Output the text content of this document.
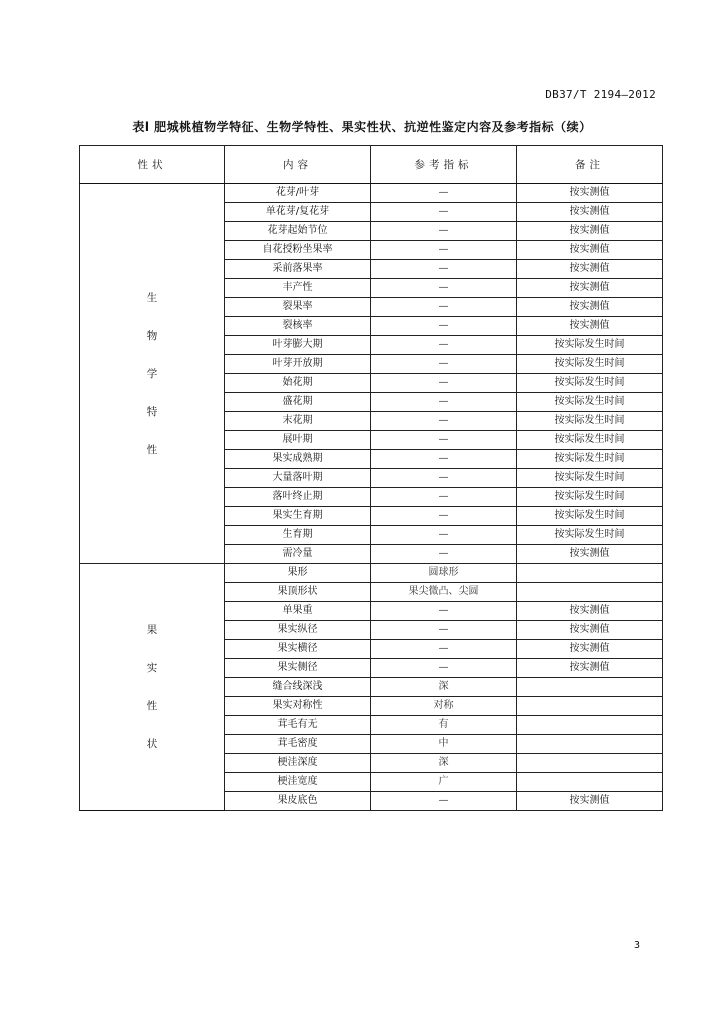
DB37/T 2194—2012
表l 肥城桃植物学特征、生物学特性、果实性状、抗逆性鉴定内容及参考指标（续）
性状	内容	参考指标	备注

生
物
学
特
性	花芽/叶芽	—	按实测值
	单花芽/复花芽	—	按实测值
	花芽起始节位	—	按实测值
	自花授粉坐果率	—	按实测值
	采前落果率	—	按实测值
	丰产性	—	按实测值
	裂果率	—	按实测值
	裂核率	—	按实测值
	叶芽膨大期	—	按实际发生时间
	叶芽开放期	—	按实际发生时间
	始花期	—	按实际发生时间
	盛花期	—	按实际发生时间
	末花期	—	按实际发生时间
	展叶期	—	按实际发生时间
	果实成熟期	—	按实际发生时间
	大量落叶期	—	按实际发生时间
	落叶终止期	—	按实际发生时间
	果实生育期	—	按实际发生时间
	生育期	—	按实际发生时间
	需冷量	—	按实测值

果
实
性
状	果形	圆球形	
	果顶形状	果尖微凸、尖圆	
	单果重	—	按实测值
	果实纵径	—	按实测值
	果实横径	—	按实测值
	果实侧径	—	按实测值
	缝合线深浅	深	
	果实对称性	对称	
	茸毛有无	有	
	茸毛密度	中	
	梗洼深度	深	
	梗洼宽度	广	
	果皮底色	—	按实测值
3
